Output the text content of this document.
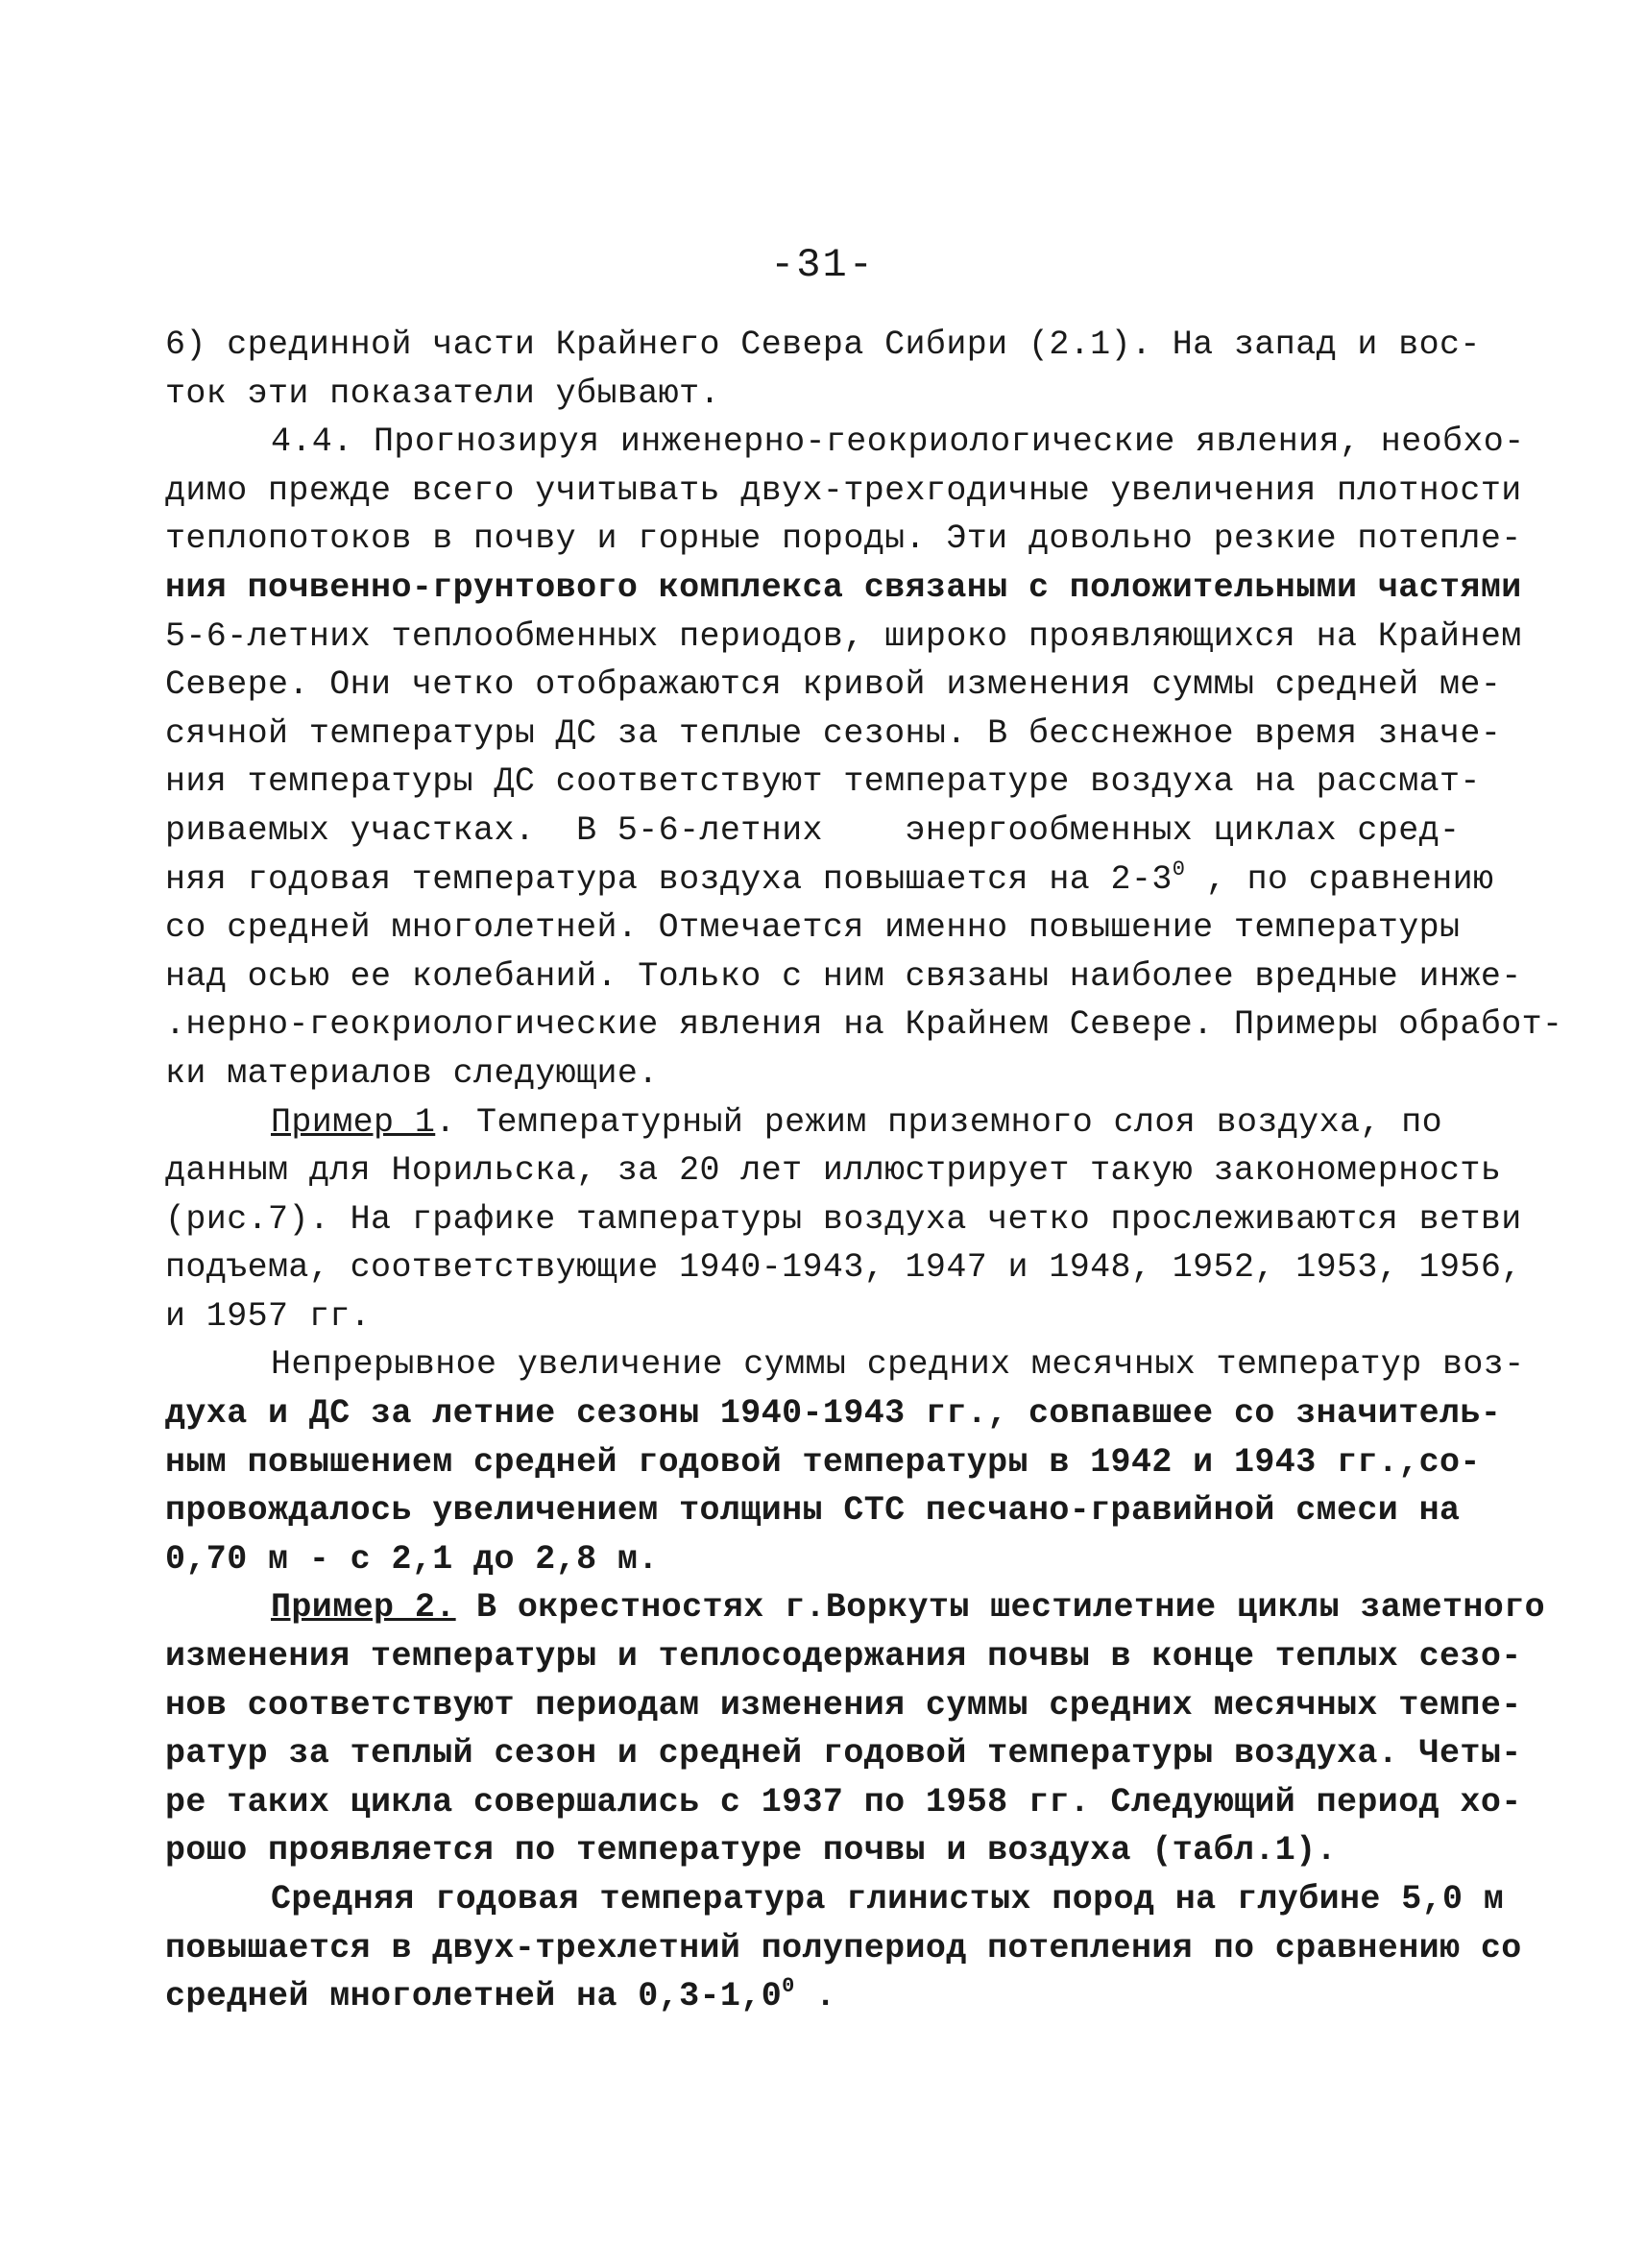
-31-
6) срединной части Крайнего Севера Сибири (2.1). На запад и вос-
ток эти показатели убывают.
4.4. Прогнозируя инженерно-геокриологические явления, необхо-
димо прежде всего учитывать двух-трехгодичные увеличения плотности
теплопотоков в почву и горные породы. Эти довольно резкие потепле-
ния почвенно-грунтового комплекса связаны с положительными частями
5-6-летних теплообменных периодов, широко проявляющихся на Крайнем
Севере. Они четко отображаются кривой изменения суммы средней ме-
сячной температуры ДС за теплые сезоны. В бесснежное время значе-
ния температуры ДС соответствуют температуре воздуха на рассмат-
риваемых участках.  В 5-6-летних    энергообменных циклах сред-
няя годовая температура воздуха повышается на $2-3^0$ , по сравнению
со средней многолетней. Отмечается именно повышение температуры
над осью ее колебаний. Только с ним связаны наиболее вредные инже-
.нерно-геокриологические явления на Крайнем Севере. Примеры обработ-
ки материалов следующие.
Пример 1. Температурный режим приземного слоя воздуха, по
данным для Норильска, за 20 лет иллюстрирует такую закономерность
(рис.7). На графике тампературы воздуха четко прослеживаются ветви
подъема, соответствующие 1940-1943, 1947 и 1948, 1952, 1953, 1956,
и 1957 гг.
Непрерывное увеличение суммы средних месячных температур воз-
духа и ДС за летние сезоны 1940-1943 гг., совпавшее со значитель-
ным повышением средней годовой температуры в 1942 и 1943 гг.,со-
провождалось увеличением толщины СТС песчано-гравийной смеси на
0,70 м - с 2,1 до 2,8 м.
Пример 2. В окрестностях г.Воркуты шестилетние циклы заметного
изменения температуры и теплосодержания почвы в конце теплых сезо-
нов соответствуют периодам изменения суммы средних месячных темпе-
ратур за теплый сезон и средней годовой температуры воздуха. Четы-
ре таких цикла совершались с 1937 по 1958 гг. Следующий период хо-
рошо проявляется по температуре почвы и воздуха (табл.1).
Средняя годовая температура глинистых пород на глубине 5,0 м
повышается в двух-трехлетний полупериод потепления по сравнению со
средней многолетней на $0,3-1,0^0$ .
